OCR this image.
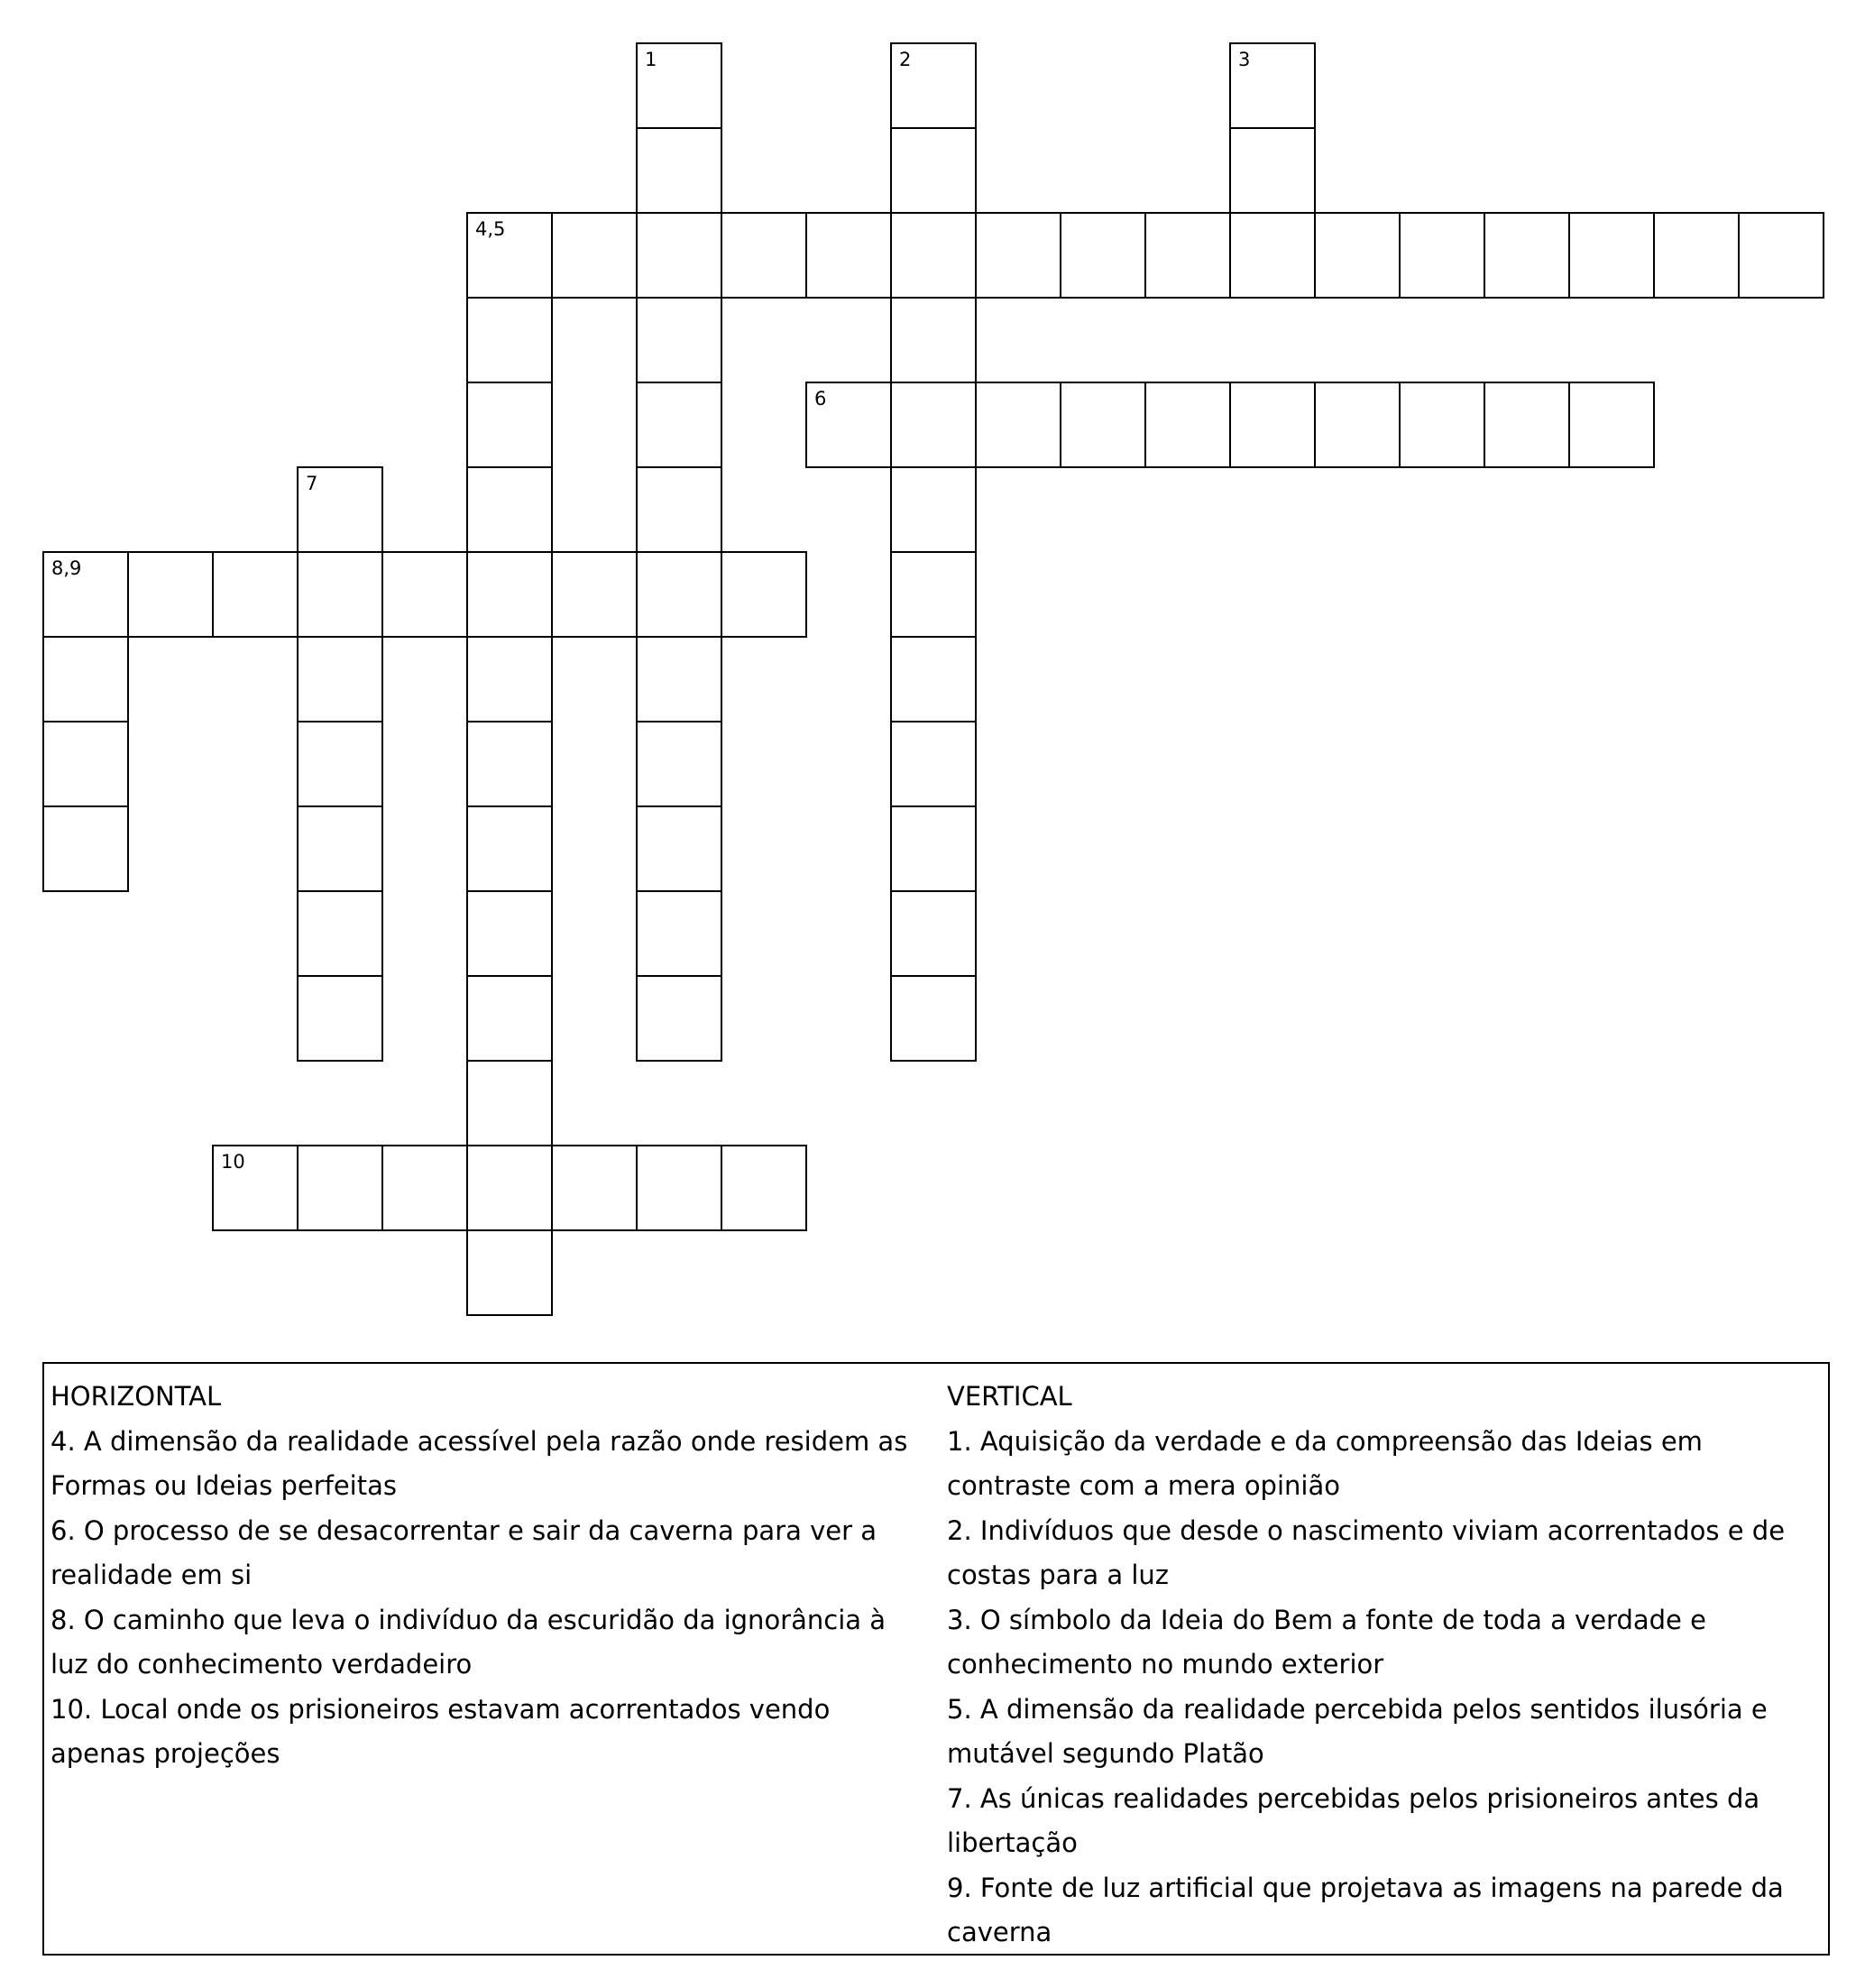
4,5
6
8,9
10
1	2	3
7
HORIZONTAL
4. A dimensão da realidade acessível pela razão onde residem as Formas ou Ideias perfeitas
6. O processo de se desacorrentar e sair da caverna para ver a realidade em si
8. O caminho que leva o indivíduo da escuridão da ignorância à luz do conhecimento verdadeiro
10. Local onde os prisioneiros estavam acorrentados vendo apenas projeções
VERTICAL
1. Aquisição da verdade e da compreensão das Ideias em contraste com a mera opinião
2. Indivíduos que desde o nascimento viviam acorrentados e de costas para a luz
3. O símbolo da Ideia do Bem a fonte de toda a verdade e conhecimento no mundo exterior
5. A dimensão da realidade percebida pelos sentidos ilusória e mutável segundo Platão
7. As únicas realidades percebidas pelos prisioneiros antes da libertação
9. Fonte de luz artificial que projetava as imagens na parede da caverna
